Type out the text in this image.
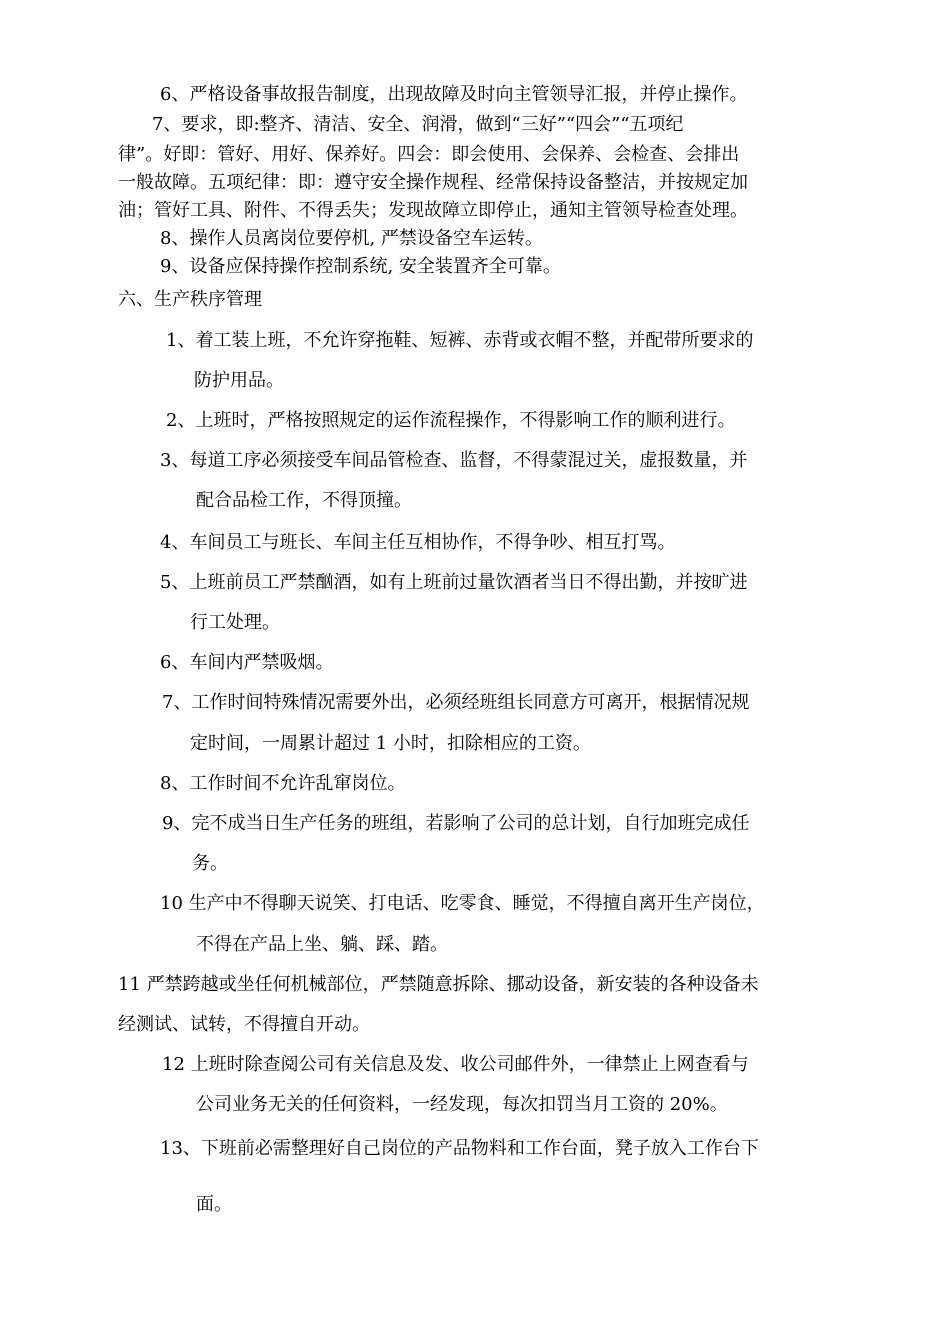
6、严格设备事故报告制度，出现故障及时向主管领导汇报，并停止操作。
7、要求，即:整齐、清洁、安全、润滑，做到“三好”“四会”“五项纪
律”。好即：管好、用好、保养好。四会：即会使用、会保养、会检查、会排出
一般故障。五项纪律：即：遵守安全操作规程、经常保持设备整洁，并按规定加
油；管好工具、附件、不得丢失；发现故障立即停止，通知主管领导检查处理。
8、操作人员离岗位要停机, 严禁设备空车运转。
9、设备应保持操作控制系统, 安全装置齐全可靠。
六、生产秩序管理
1、着工装上班，不允许穿拖鞋、短裤、赤背或衣帽不整，并配带所要求的
防护用品。
2、上班时，严格按照规定的运作流程操作，不得影响工作的顺利进行。
3、每道工序必须接受车间品管检查、监督，不得蒙混过关，虚报数量，并
配合品检工作，不得顶撞。
4、车间员工与班长、车间主任互相协作，不得争吵、相互打骂。
5、上班前员工严禁酗酒，如有上班前过量饮酒者当日不得出勤，并按旷进
行工处理。
6、车间内严禁吸烟。
7、工作时间特殊情况需要外出，必须经班组长同意方可离开，根据情况规
定时间，一周累计超过 1 小时，扣除相应的工资。
8、工作时间不允许乱窜岗位。
9、完不成当日生产任务的班组，若影响了公司的总计划，自行加班完成任
务。
10 生产中不得聊天说笑、打电话、吃零食、睡觉，不得擅自离开生产岗位，
不得在产品上坐、躺、踩、踏。
11 严禁跨越或坐任何机械部位，严禁随意拆除、挪动设备，新安装的各种设备未
经测试、试转，不得擅自开动。
12 上班时除查阅公司有关信息及发、收公司邮件外，一律禁止上网查看与
公司业务无关的任何资料，一经发现，每次扣罚当月工资的 20%。
13、下班前必需整理好自己岗位的产品物料和工作台面，凳子放入工作台下
面。
